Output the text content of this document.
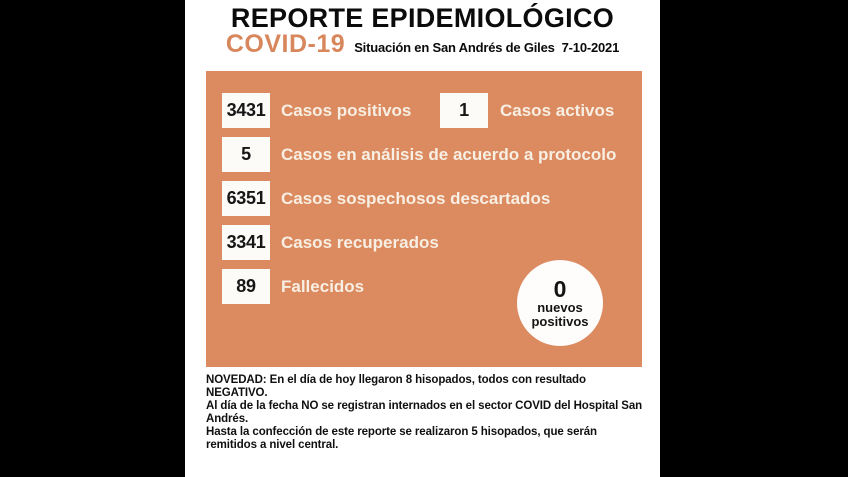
REPORTE EPIDEMIOLÓGICO
COVID-19 Situación en San Andrés de Giles 7-10-2021
3431 Casos positivos	1 Casos activos
5 Casos en análisis de acuerdo a protocolo
6351 Casos sospechosos descartados
3341 Casos recuperados
89 Fallecidos	0
nuevos positivos

NOVEDAD: En el día de hoy llegaron 8 hisopados, todos con resultado NEGATIVO.

Al día de la fecha NO se registran internados en el sector COVID del Hospital San Andrés.

Hasta la confección de este reporte se realizaron 5 hisopados, que serán remitidos a nivel central.
